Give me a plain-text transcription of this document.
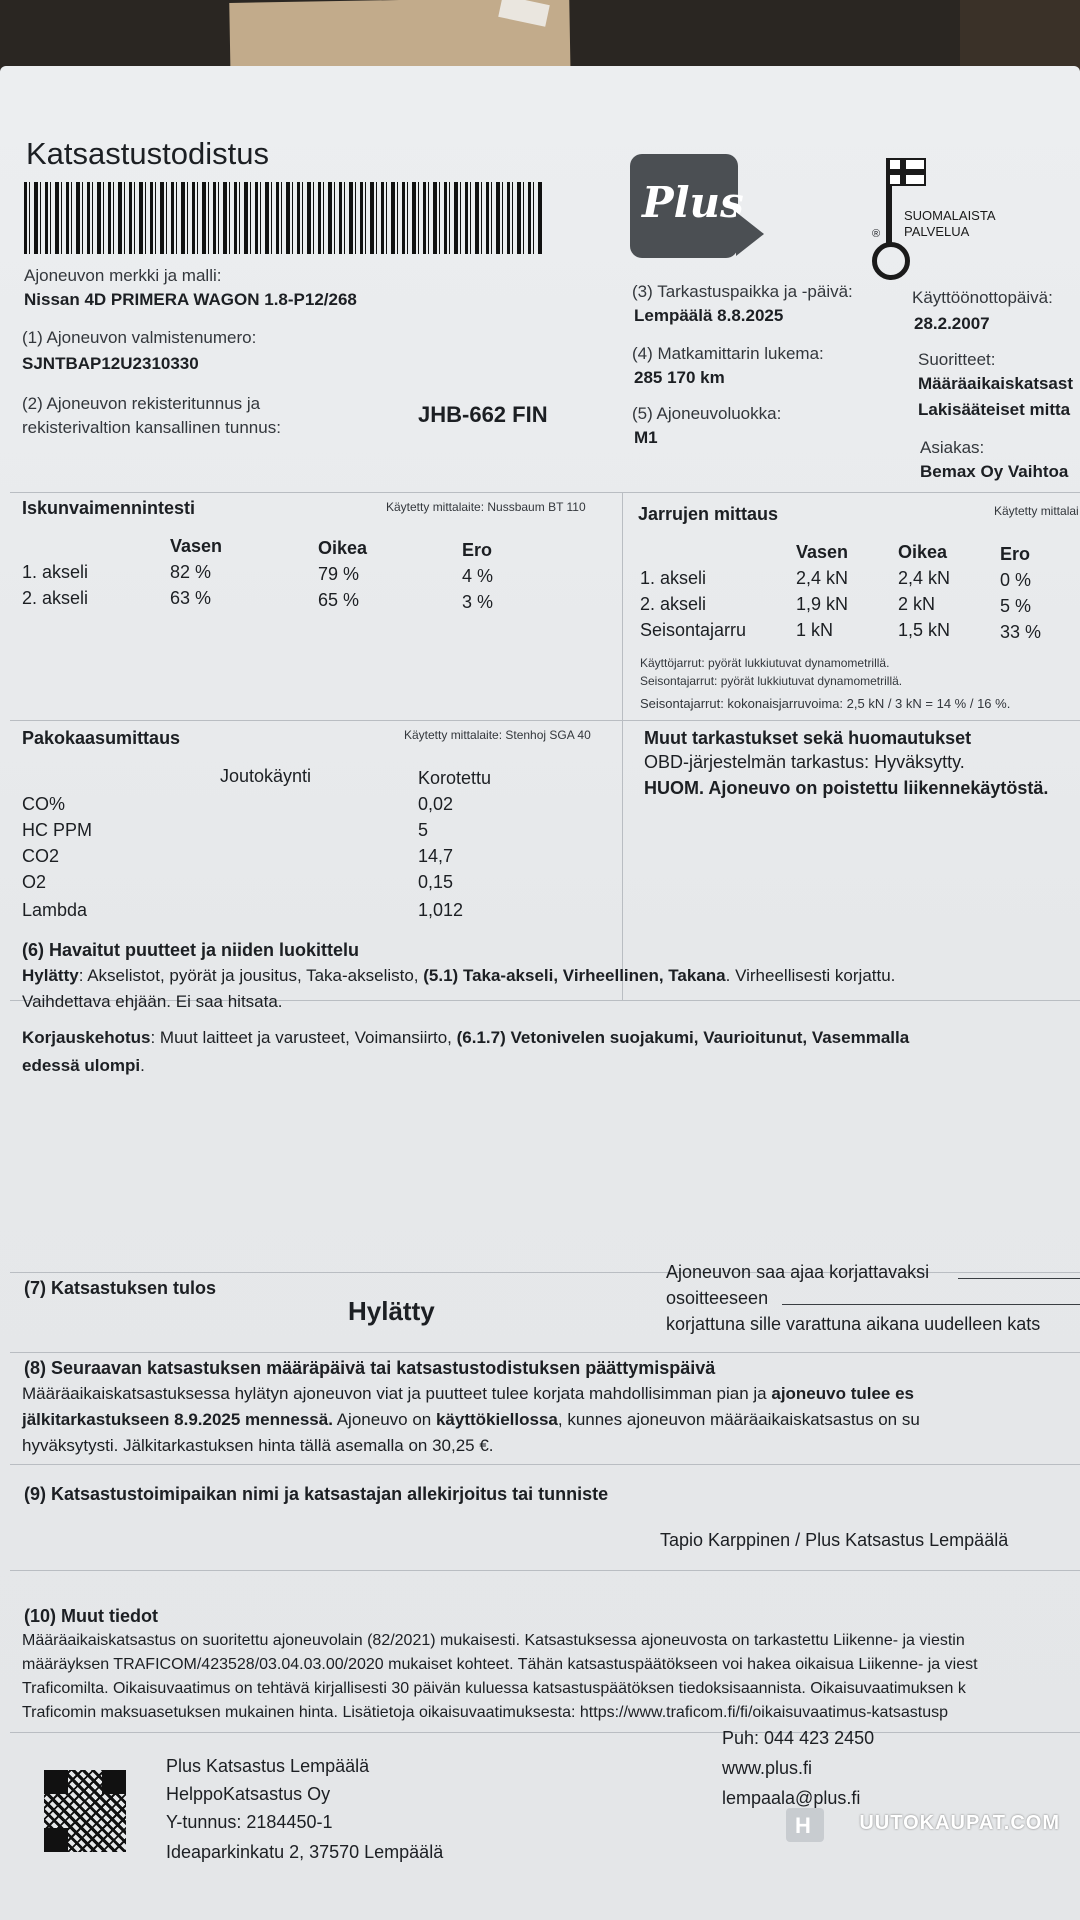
Katsastustodistus
Plus	SUOMALAISTA
PALVELUA
®
Ajoneuvon merkki ja malli:
Nissan 4D PRIMERA WAGON 1.8-P12/268
(1) Ajoneuvon valmistenumero:
SJNTBAP12U2310330
(2) Ajoneuvon rekisteritunnus ja
rekisterivaltion kansallinen tunnus:
JHB-662 FIN
(3) Tarkastuspaikka ja -päivä:
Lempäälä 8.8.2025
(4) Matkamittarin lukema:
285 170 km
(5) Ajoneuvoluokka:
M1
Käyttöönottopäivä:
28.2.2007
Suoritteet:
Määräaikaiskatsast
Lakisääteiset mitta
Asiakas:
Bemax Oy Vaihtoa
Iskunvaimennintesti	Käytetty mittalaite: Nussbaum BT 110
Vasen	Oikea	Ero
1. akseli	82 %	79 %	4 %
2. akseli	63 %	65 %	3 %
Jarrujen mittaus	Käytetty mittalai
Vasen	Oikea	Ero
1. akseli	2,4 kN	2,4 kN	0 %
2. akseli	1,9 kN	2 kN	5 %
Seisontajarru	1 kN	1,5 kN	33 %
Käyttöjarrut: pyörät lukkiutuvat dynamometrillä.
Seisontajarrut: pyörät lukkiutuvat dynamometrillä.
Seisontajarrut: kokonaisjarruvoima: 2,5 kN / 3 kN = 14 % / 16 %.
Pakokaasumittaus	Käytetty mittalaite: Stenhoj SGA 40
Joutokäynti	Korotettu
CO%	0,02
HC PPM	5
CO2	14,7
O2	0,15
Lambda	1,012
Muut tarkastukset sekä huomautukset
OBD-järjestelmän tarkastus: Hyväksytty.
HUOM. Ajoneuvo on poistettu liikennekäytöstä.
(6) Havaitut puutteet ja niiden luokittelu
Hylätty: Akselistot, pyörät ja jousitus, Taka-akselisto, (5.1) Taka-akseli, Virheellinen, Takana. Virheellisesti korjattu.
Vaihdettava ehjään. Ei saa hitsata.
Korjauskehotus: Muut laitteet ja varusteet, Voimansiirto, (6.1.7) Vetonivelen suojakumi, Vaurioitunut, Vasemmalla
edessä ulompi.
(7) Katsastuksen tulos
Hylätty
Ajoneuvon saa ajaa korjattavaksi
osoitteeseen
korjattuna sille varattuna aikana uudelleen kats
(8) Seuraavan katsastuksen määräpäivä tai katsastustodistuksen päättymispäivä
Määräaikaiskatsastuksessa hylätyn ajoneuvon viat ja puutteet tulee korjata mahdollisimman pian ja ajoneuvo tulee es
jälkitarkastukseen 8.9.2025 mennessä. Ajoneuvo on käyttökiellossa, kunnes ajoneuvon määräaikaiskatsastus on su
hyväksytysti. Jälkitarkastuksen hinta tällä asemalla on 30,25 €.
(9) Katsastustoimipaikan nimi ja katsastajan allekirjoitus tai tunniste
Tapio Karppinen / Plus Katsastus Lempäälä
(10) Muut tiedot
Määräaikaiskatsastus on suoritettu ajoneuvolain (82/2021) mukaisesti. Katsastuksessa ajoneuvosta on tarkastettu Liikenne- ja viestin
määräyksen TRAFICOM/423528/03.04.03.00/2020 mukaiset kohteet. Tähän katsastuspäätökseen voi hakea oikaisua Liikenne- ja viest
Traficomilta. Oikaisuvaatimus on tehtävä kirjallisesti 30 päivän kuluessa katsastuspäätöksen tiedoksisaannista. Oikaisuvaatimuksen k
Traficomin maksuasetuksen mukainen hinta. Lisätietoja oikaisuvaatimuksesta: https://www.traficom.fi/fi/oikaisuvaatimus-katsastusp
Plus Katsastus Lempäälä
HelppoKatsastus Oy
Y-tunnus: 2184450-1
Ideaparkinkatu 2, 37570 Lempäälä
Puh: 044 423 2450
www.plus.fi
lempaala@plus.fi
H UUTOKAUPAT.COM
